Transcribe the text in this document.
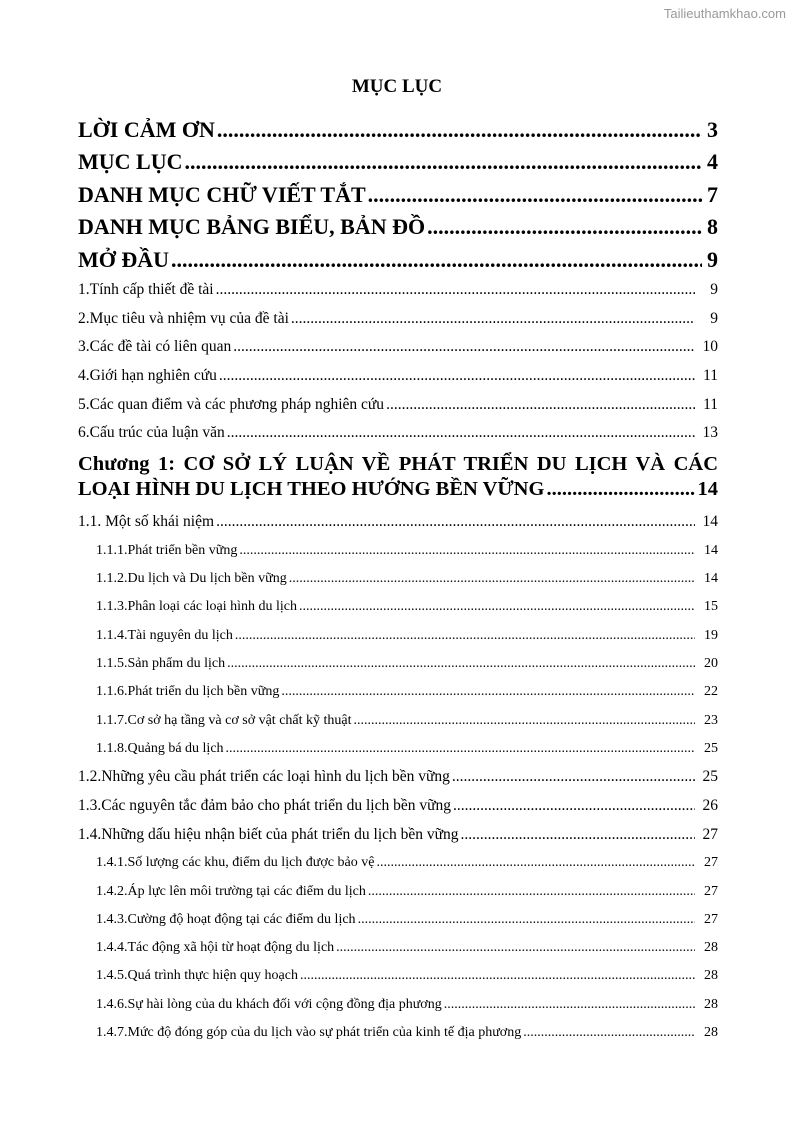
Tailieuthamkhao.com
MỤC LỤC
LỜI CẢM ƠN .....	3
MỤC LỤC .....	4
DANH MỤC CHỮ VIẾT TẮT .....	7
DANH MỤC BẢNG BIỂU, BẢN ĐỒ .....	8
MỞ ĐẦU .....	9
1.Tính cấp thiết đề tài .....	9
2.Mục tiêu và nhiệm vụ của đề tài .....	9
3.Các đề tài có liên quan .....	10
4.Giới hạn nghiên cứu .....	11
5.Các quan điểm và các phương pháp nghiên cứu .....	11
6.Cấu trúc của luận văn .....	13
Chương 1: CƠ SỞ LÝ LUẬN VỀ PHÁT TRIỂN DU LỊCH VÀ CÁC
LOẠI HÌNH DU LỊCH THEO HƯỚNG BỀN VỮNG .....	14
1.1. Một số khái niệm .....	14
1.1.1.Phát triển bền vững .....	14
1.1.2.Du lịch và Du lịch bền vững .....	14
1.1.3.Phân loại các loại hình du lịch .....	15
1.1.4.Tài nguyên du lịch .....	19
1.1.5.Sản phẩm du lịch .....	20
1.1.6.Phát triển du lịch bền vững .....	22
1.1.7.Cơ sở hạ tầng và cơ sở vật chất kỹ thuật .....	23
1.1.8.Quảng bá du lịch .....	25
1.2.Những yêu cầu phát triển các loại hình du lịch bền vững .....	25
1.3.Các nguyên tắc đảm bảo cho phát triển du lịch bền vững .....	26
1.4.Những dấu hiệu nhận biết của phát triển du lịch bền vững .....	27
1.4.1.Số lượng các khu, điểm du lịch được bảo vệ .....	27
1.4.2.Áp lực lên môi trường tại các điểm du lịch .....	27
1.4.3.Cường độ hoạt động tại các điểm du lịch .....	27
1.4.4.Tác động xã hội từ hoạt động du lịch .....	28
1.4.5.Quá trình thực hiện quy hoạch .....	28
1.4.6.Sự hài lòng của du khách đối với cộng đồng địa phương .....	28
1.4.7.Mức độ đóng góp của du lịch vào sự phát triển của kinh tế địa phương .....	28
